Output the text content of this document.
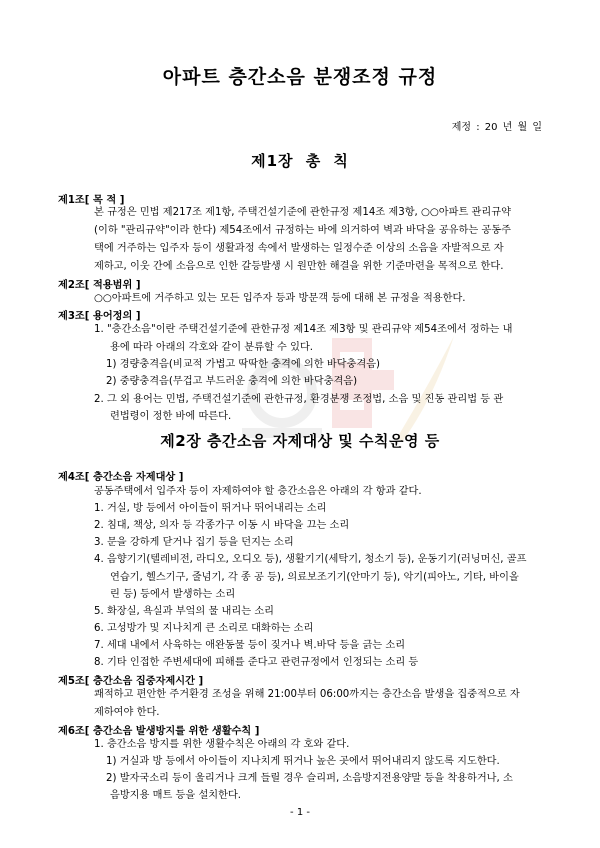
아파트 층간소음 분쟁조정 규정
제정 : 20 년 월 일
제1장 총 칙
제1조[ 목 적 ]
본 규정은 민법 제217조 제1항, 주택건설기준에 관한규정 제14조 제3항, ○○아파트 관리규약
(이하 "관리규약"이라 한다) 제54조에서 규정하는 바에 의거하여 벽과 바닥을 공유하는 공동주
택에 거주하는 입주자 등이 생활과정 속에서 발생하는 일정수준 이상의 소음을 자발적으로 자
제하고, 이웃 간에 소음으로 인한 갈등발생 시 원만한 해결을 위한 기준마련을 목적으로 한다.
제2조[ 적용범위 ]
○○아파트에 거주하고 있는 모든 입주자 등과 방문객 등에 대해 본 규정을 적용한다.
제3조[ 용어정의 ]
1. "층간소음"이란 주택건설기준에 관한규정 제14조 제3항 및 관리규약 제54조에서 정하는 내
용에 따라 아래의 각호와 같이 분류할 수 있다.
1) 경량충격음(비교적 가볍고 딱딱한 충격에 의한 바닥충격음)
2) 중량충격음(무겁고 부드러운 충격에 의한 바닥충격음)
2. 그 외 용어는 민법, 주택건설기준에 관한규정, 환경분쟁 조정법, 소음 및 진동 관리법 등 관
련법령이 정한 바에 따른다.
제2장 층간소음 자제대상 및 수칙운영 등
제4조[ 층간소음 자제대상 ]
공동주택에서 입주자 등이 자제하여야 할 층간소음은 아래의 각 항과 같다.
1. 거실, 방 등에서 아이들이 뛰거나 뛰어내리는 소리
2. 침대, 책상, 의자 등 각종가구 이동 시 바닥을 끄는 소리
3. 문을 강하게 닫거나 집기 등을 던지는 소리
4. 음향기기(텔레비전, 라디오, 오디오 등), 생활기기(세탁기, 청소기 등), 운동기기(러닝머신, 골프
연습기, 헬스기구, 줄넘기, 각 종 공 등), 의료보조기기(안마기 등), 악기(피아노, 기타, 바이올
린 등) 등에서 발생하는 소리
5. 화장실, 욕실과 부엌의 물 내리는 소리
6. 고성방가 및 지나치게 큰 소리로 대화하는 소리
7. 세대 내에서 사육하는 애완동물 등이 짖거나 벽.바닥 등을 긁는 소리
8. 기타 인접한 주변세대에 피해를 준다고 관련규정에서 인정되는 소리 등
제5조[ 층간소음 집중자제시간 ]
쾌적하고 편안한 주거환경 조성을 위해 21:00부터 06:00까지는 층간소음 발생을 집중적으로 자
제하여야 한다.
제6조[ 층간소음 발생방지를 위한 생활수칙 ]
1. 층간소음 방지를 위한 생활수칙은 아래의 각 호와 같다.
1) 거실과 방 등에서 아이들이 지나치게 뛰거나 높은 곳에서 뛰어내리지 않도록 지도한다.
2) 발자국소리 등이 울리거나 크게 들릴 경우 슬리퍼, 소음방지전용양말 등을 착용하거나, 소
음방지용 매트 등을 설치한다.
- 1 -
